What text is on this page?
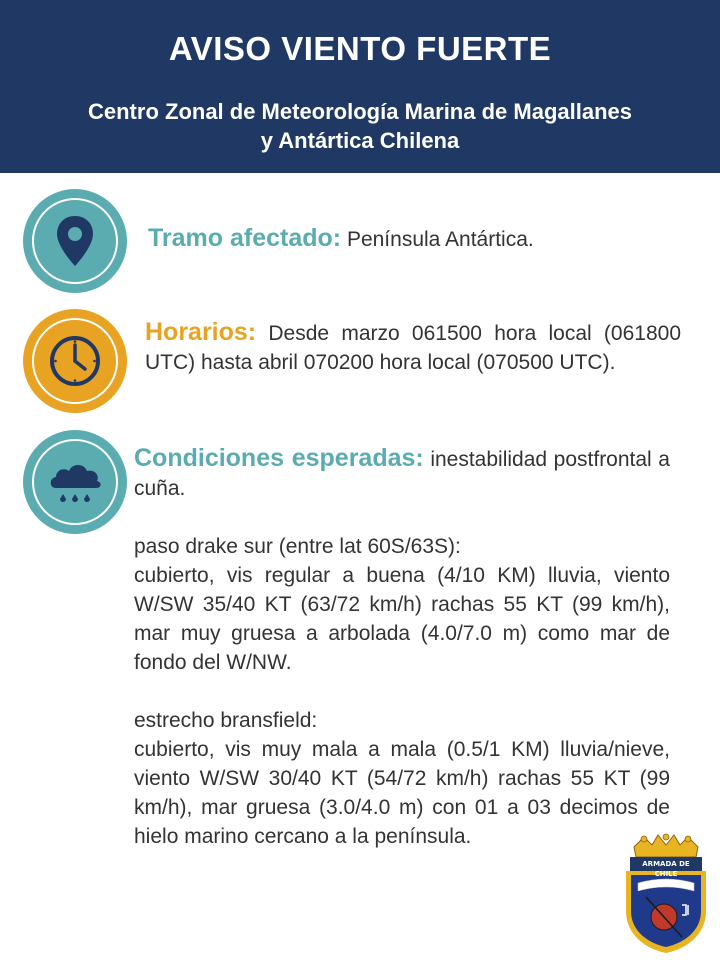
AVISO VIENTO FUERTE
Centro Zonal de Meteorología Marina de Magallanes
y Antártica Chilena
Tramo afectado: Península Antártica.
Horarios: Desde marzo 061500 hora local (061800 UTC) hasta abril 070200 hora local (070500 UTC).
Condiciones esperadas: inestabilidad postfrontal a cuña.
paso drake sur (entre lat 60S/63S):
cubierto, vis regular a buena (4/10 KM) lluvia, viento W/SW 35/40 KT (63/72 km/h) rachas 55 KT (99 km/h), mar muy gruesa a arbolada (4.0/7.0 m) como mar de fondo del W/NW.
estrecho bransfield:
cubierto, vis muy mala a mala (0.5/1 KM) lluvia/nieve, viento W/SW 30/40 KT (54/72 km/h) rachas 55 KT (99 km/h), mar gruesa (3.0/4.0 m) con 01 a 03 decimos de hielo marino cercano a la península.
ARMADA DE CHILE
